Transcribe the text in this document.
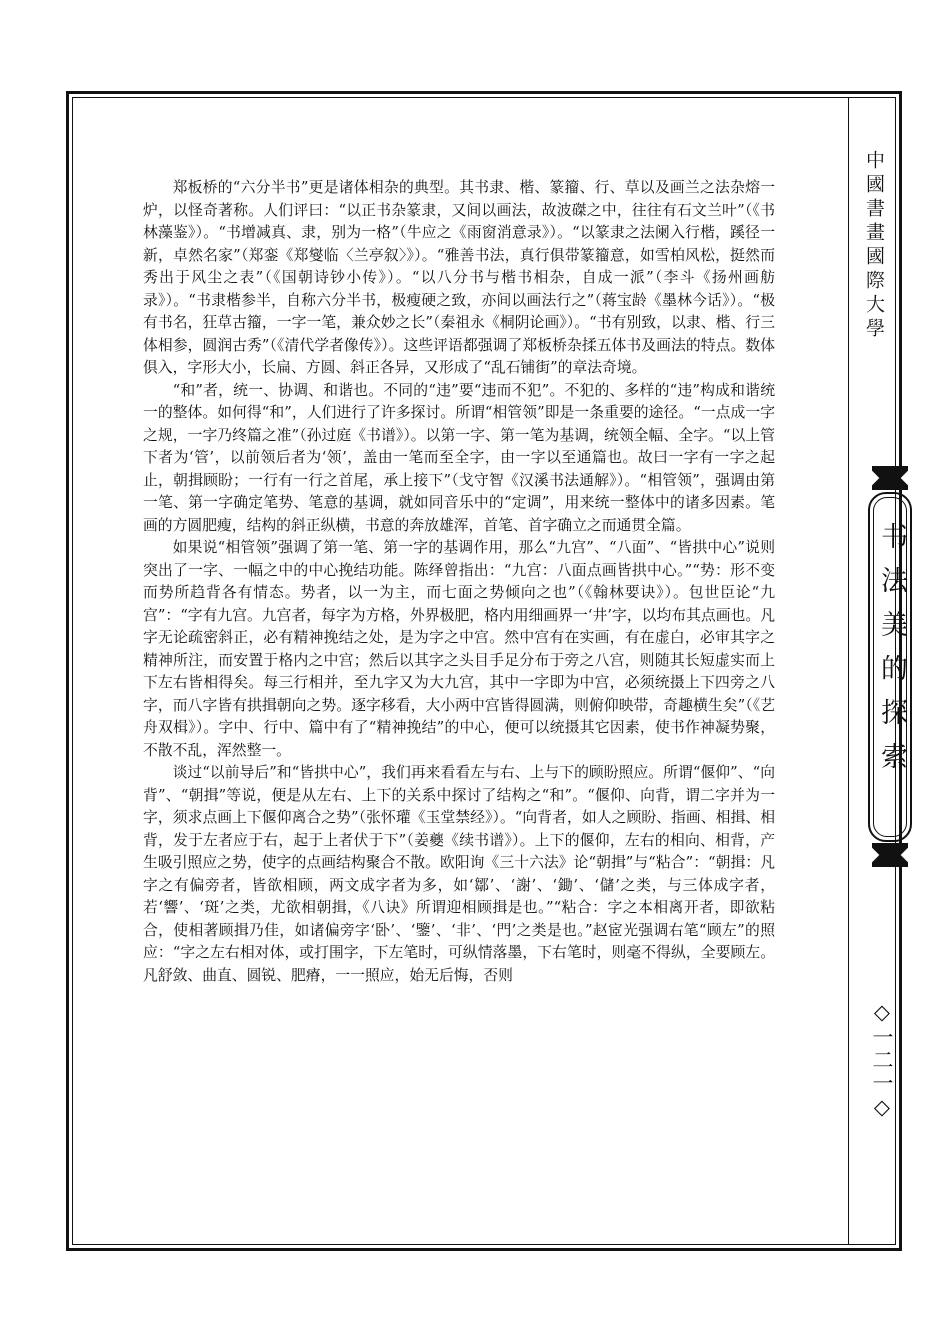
中國書畫國際大學
书法美的探索
◇一二一◇

郑板桥的“六分半书”更是诸体相杂的典型。其书隶、楷、篆籀、行、草以及画兰之法杂熔一炉，以怪奇著称。人们评曰：“以正书杂篆隶，又间以画法，故波磔之中，往往有石文兰叶”（《书林藻鉴》）。“书增减真、隶，别为一格”（牛应之《雨窗消意录》）。“以篆隶之法阑入行楷，蹊径一新，卓然名家”（郑銮《郑燮临〈兰亭叙〉》）。“雅善书法，真行俱带篆籀意，如雪柏风松，挺然而秀出于风尘之表”（《国朝诗钞小传》）。“以八分书与楷书相杂，自成一派”（李斗《扬州画舫录》）。“书隶楷参半，自称六分半书，极瘦硬之致，亦间以画法行之”（蒋宝龄《墨林今话》）。“极有书名，狂草古籀，一字一笔，兼众妙之长”（秦祖永《桐阴论画》）。“书有别致，以隶、楷、行三体相参，圆润古秀”（《清代学者像传》）。这些评语都强调了郑板桥杂揉五体书及画法的特点。数体俱入，字形大小，长扁、方圆、斜正各异，又形成了“乱石铺街”的章法奇境。

“和”者，统一、协调、和谐也。不同的“违”要“违而不犯”。不犯的、多样的“违”构成和谐统一的整体。如何得“和”，人们进行了许多探讨。所谓“相管领”即是一条重要的途径。“一点成一字之规，一字乃终篇之准”（孙过庭《书谱》）。以第一字、第一笔为基调，统领全幅、全字。“以上管下者为‘管’，以前领后者为‘领’，盖由一笔而至全字，由一字以至通篇也。故曰一字有一字之起止，朝揖顾盼；一行有一行之首尾，承上接下”（戈守智《汉溪书法通解》）。“相管领”，强调由第一笔、第一字确定笔势、笔意的基调，就如同音乐中的“定调”，用来统一整体中的诸多因素。笔画的方圆肥瘦，结构的斜正纵横，书意的奔放雄浑，首笔、首字确立之而通贯全篇。

如果说“相管领”强调了第一笔、第一字的基调作用，那么“九宫”、“八面”、“皆拱中心”说则突出了一字、一幅之中的中心挽结功能。陈绎曾指出：“九宫：八面点画皆拱中心。”“势：形不变而势所趋背各有情态。势者，以一为主，而七面之势倾向之也”（《翰林要诀》）。包世臣论“九宫”：“字有九宫。九宫者，每字为方格，外界极肥，格内用细画界一‘井’字，以均布其点画也。凡字无论疏密斜正，必有精神挽结之处，是为字之中宫。然中宫有在实画，有在虚白，必审其字之精神所注，而安置于格内之中宫；然后以其字之头目手足分布于旁之八宫，则随其长短虚实而上下左右皆相得矣。每三行相并，至九字又为大九宫，其中一字即为中宫，必须统摄上下四旁之八字，而八字皆有拱揖朝向之势。逐字移看，大小两中宫皆得圆满，则俯仰映带，奇趣横生矣”（《艺舟双楫》）。字中、行中、篇中有了“精神挽结”的中心，便可以统摄其它因素，使书作神凝势聚，不散不乱，浑然整一。

谈过“以前导后”和“皆拱中心”，我们再来看看左与右、上与下的顾盼照应。所谓“偃仰”、“向背”、“朝揖”等说，便是从左右、上下的关系中探讨了结构之“和”。“偃仰、向背，谓二字并为一字，须求点画上下偃仰离合之势”（张怀瓘《玉堂禁经》）。“向背者，如人之顾盼、指画、相揖、相背，发于左者应于右，起于上者伏于下”（姜夔《续书谱》）。上下的偃仰，左右的相向、相背，产生吸引照应之势，使字的点画结构聚合不散。欧阳询《三十六法》论“朝揖”与“粘合”：“朝揖：凡字之有偏旁者，皆欲相顾，两文成字者为多，如‘鄒’、‘謝’、‘鋤’、‘儲’之类，与三体成字者，若‘響’、‘斑’之类，尤欲相朝揖，《八诀》所谓迎相顾揖是也。”“粘合：字之本相离开者，即欲粘合，使相著顾揖乃佳，如诸偏旁字‘卧’、‘鑒’、‘非’、‘門’之类是也。”赵宧光强调右笔“顾左”的照应：“字之左右相对体，或打围字，下左笔时，可纵情落墨，下右笔时，则毫不得纵，全要顾左。凡舒敛、曲直、圆锐、肥瘠，一一照应，始无后悔，否则
